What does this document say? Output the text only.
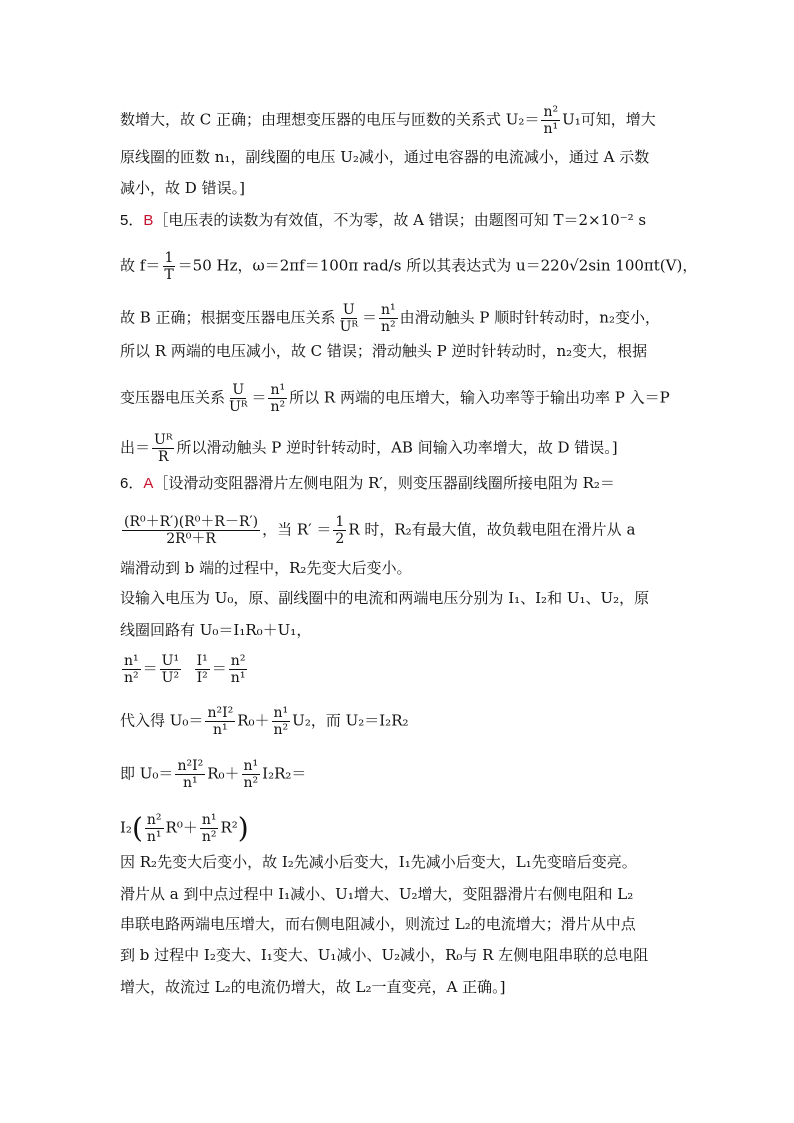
数增大，故 C 正确；由理想变压器的电压与匝数的关系式 $U_2= \frac{\text{n²}}{\text{n¹}} U_1$可知，增大
原线圈的匝数 n₁，副线圈的电压 U₂减小，通过电容器的电流减小，通过 A 示数
减小，故 D 错误。]
5．B［电压表的读数为有效值，不为零，故 A 错误；由题图可知 T＝2×10⁻² s
故 $f= \frac{1}{T} =50$ Hz，ω＝2πf＝100π rad/s 所以其表达式为 u＝220√2sin 100πt(V)，
故 B 正确；根据变压器电压关系 $\frac{U}{\text{Uᴿ}} = \frac{\text{n¹}}{\text{n²}}$ 由滑动触头 P 顺时针转动时，n₂变小，
所以 R 两端的电压减小，故 C 错误；滑动触头 P 逆时针转动时，n₂变大，根据
变压器电压关系 $\frac{U}{\text{Uᴿ}} = \frac{\text{n¹}}{\text{n²}}$ 所以 R 两端的电压增大，输入功率等于输出功率 P 入＝P
出＝ $\frac{\text{Uᴿ}}{R}$ 所以滑动触头 P 逆时针转动时，AB 间输入功率增大，故 D 错误。]
6．A［设滑动变阻器滑片左侧电阻为 R′，则变压器副线圈所接电阻为 R₂＝
$\frac{\text{(R⁰＋R′)(R⁰＋R－R′)}}{\text{2R⁰＋R}}$ ，当 $R' = \frac{1}{2}$ R 时，R₂有最大值，故负载电阻在滑片从 a
端滑动到 b 端的过程中，R₂先变大后变小。
设输入电压为 U₀，原、副线圈中的电流和两端电压分别为 I₁、I₂和 U₁、U₂，原
线圈回路有 U₀＝I₁R₀＋U₁，
$\frac{\text{n¹}}{\text{n²}} = \frac{\text{U¹}}{\text{U²}}$
$\frac{\text{I¹}}{\text{I²}} = \frac{\text{n²}}{\text{n¹}}$
代入得 $U_0= \frac{\text{n²I²}}{\text{n¹}} R_0+ \frac{\text{n¹}}{\text{n²}} U_2$，而 U₂＝I₂R₂
即 $U_0= \frac{\text{n²I²}}{\text{n¹}} R_0+ \frac{\text{n¹}}{\text{n²}} I_2R_2=$
$I_2( \frac{\text{n²}}{\text{n¹}} R^0+ \frac{\text{n¹}}{\text{n²}} R^2)$
因 R₂先变大后变小，故 I₂先减小后变大，I₁先减小后变大，L₁先变暗后变亮。
滑片从 a 到中点过程中 I₁减小、U₁增大、U₂增大，变阻器滑片右侧电阻和 L₂
串联电路两端电压增大，而右侧电阻减小，则流过 L₂的电流增大；滑片从中点
到 b 过程中 I₂变大、I₁变大、U₁减小、U₂减小，R₀与 R 左侧电阻串联的总电阻
增大，故流过 L₂的电流仍增大，故 L₂一直变亮，A 正确。]
